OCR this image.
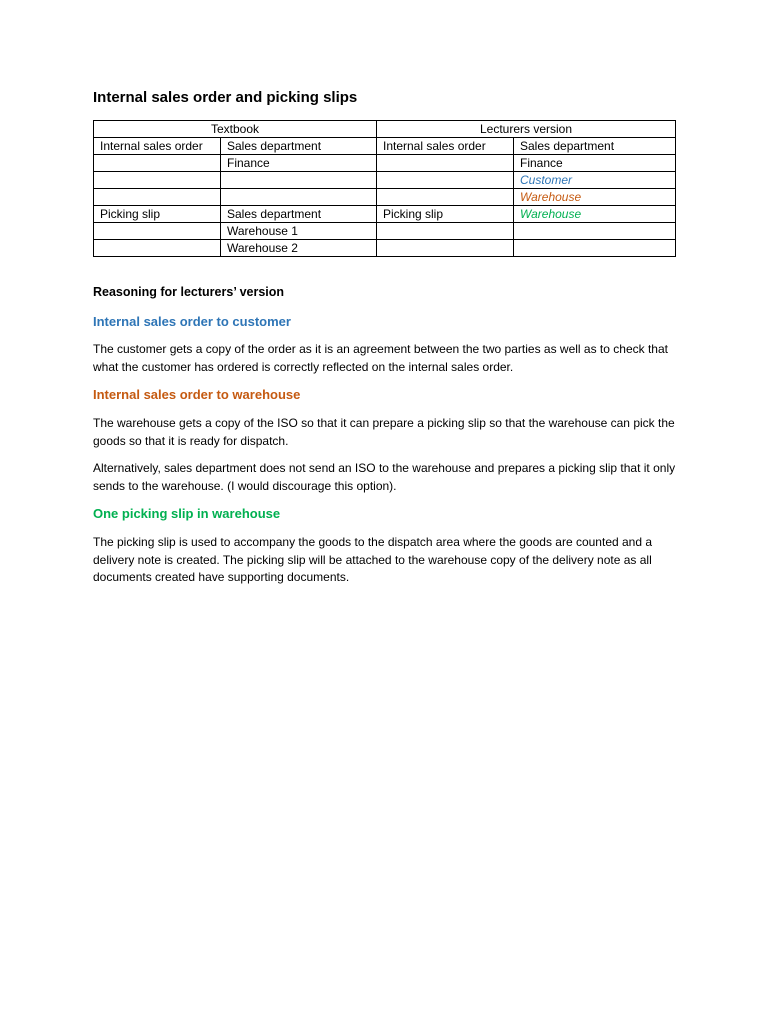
Internal sales order and picking slips
Textbook		Lecturers version	
Internal sales order	Sales department	Internal sales order	Sales department
	Finance		Finance
			Customer
			Warehouse
Picking slip	Sales department	Picking slip	Warehouse
	Warehouse 1		
	Warehouse 2		
Reasoning for lecturers’ version
Internal sales order to customer
The customer gets a copy of the order as it is an agreement between the two parties as well as to check that what the customer has ordered is correctly reflected on the internal sales order.
Internal sales order to warehouse
The warehouse gets a copy of the ISO so that it can prepare a picking slip so that the warehouse can pick the goods so that it is ready for dispatch.
Alternatively, sales department does not send an ISO to the warehouse and prepares a picking slip that it only sends to the warehouse. (I would discourage this option).
One picking slip in warehouse
The picking slip is used to accompany the goods to the dispatch area where the goods are counted and a delivery note is created. The picking slip will be attached to the warehouse copy of the delivery note as all documents created have supporting documents.
